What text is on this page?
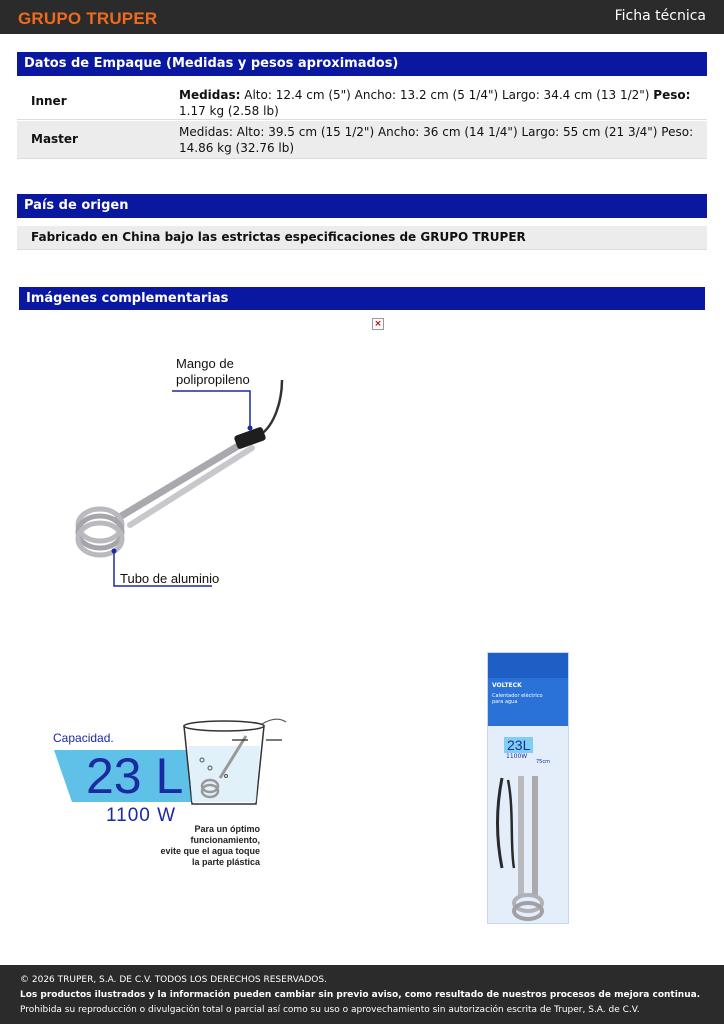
GRUPO TRUPER	Ficha técnica
Datos de Empaque (Medidas y pesos aproximados)
Inner	Medidas: Alto: 12.4 cm (5") Ancho: 13.2 cm (5 1/4") Largo: 34.4 cm (13 1/2") Peso: 1.17 kg (2.58 lb)
Master	Medidas: Alto: 39.5 cm (15 1/2") Ancho: 36 cm (14 1/4") Largo: 55 cm (21 3/4") Peso: 14.86 kg (32.76 lb)
País de origen
Fabricado en China bajo las estrictas especificaciones de GRUPO TRUPER
Imágenes complementarias
×
Mango de
polipropileno
Tubo de aluminio
Capacidad.
23 L
1100 W
Para un óptimo
funcionamiento,
evite que el agua toque
la parte plástica
VOLTECK
Calentador eléctrico
para agua
23L
1100W
75cm
© 2026 TRUPER, S.A. DE C.V. TODOS LOS DERECHOS RESERVADOS.
Los productos ilustrados y la información pueden cambiar sin previo aviso, como resultado de nuestros procesos de mejora continua.
Prohibida su reproducción o divulgación total o parcial así como su uso o aprovechamiento sin autorización escrita de Truper, S.A. de C.V.
